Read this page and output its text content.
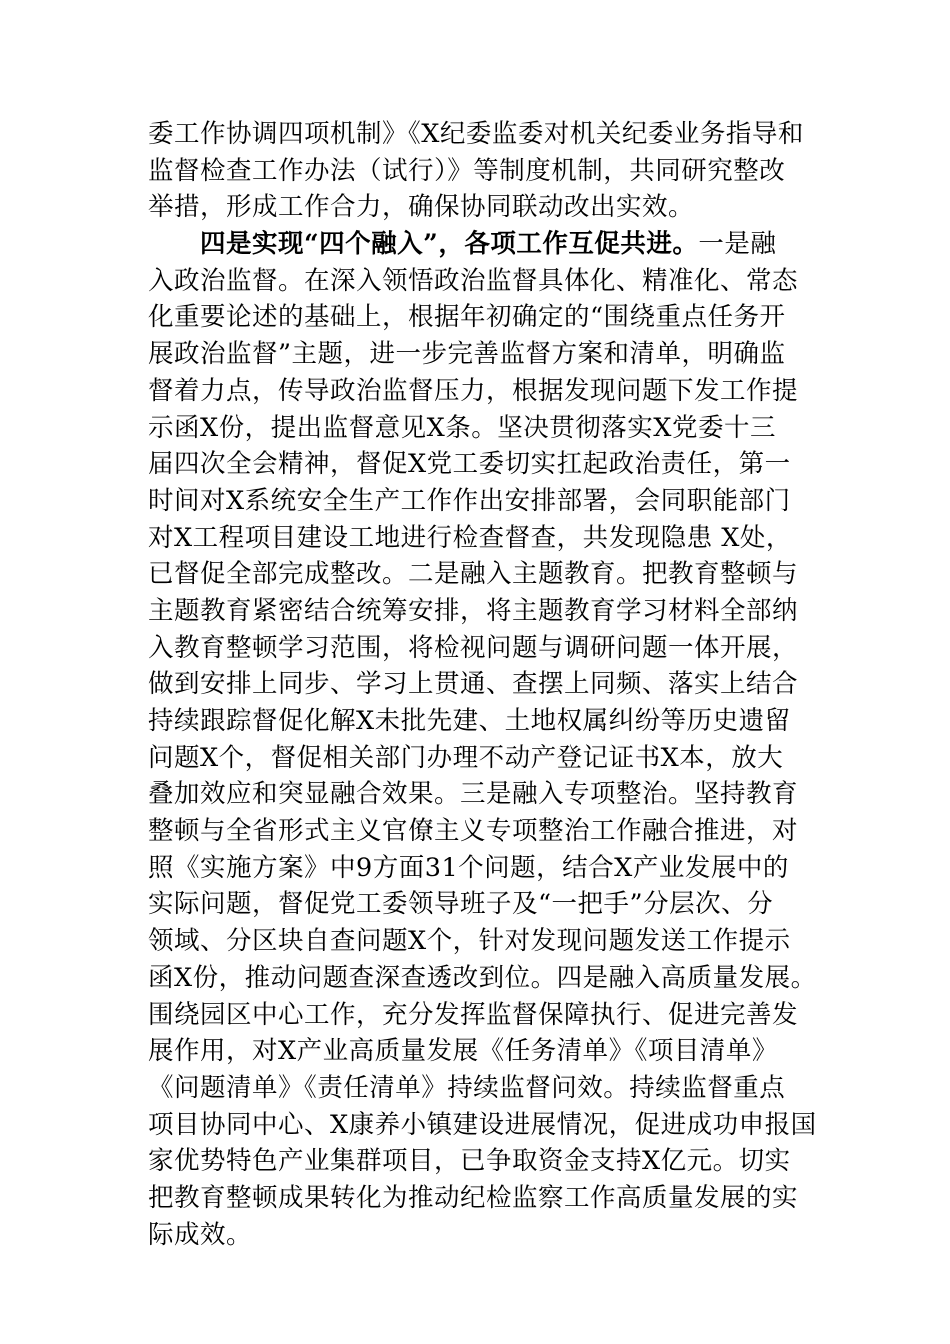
委工作协调四项机制》《X纪委监委对机关纪委业务指导和
监督检查工作办法（试行）》等制度机制，共同研究整改
举措，形成工作合力，确保协同联动改出实效。
四是实现“四个融入”，各项工作互促共进。一是融
入政治监督。在深入领悟政治监督具体化、精准化、常态
化重要论述的基础上，根据年初确定的“围绕重点任务开
展政治监督”主题，进一步完善监督方案和清单，明确监
督着力点，传导政治监督压力，根据发现问题下发工作提
示函X份，提出监督意见X条。坚决贯彻落实X党委十三
届四次全会精神，督促X党工委切实扛起政治责任，第一
时间对X系统安全生产工作作出安排部署，会同职能部门
对X工程项目建设工地进行检查督查，共发现隐患 X处，
已督促全部完成整改。二是融入主题教育。把教育整顿与
主题教育紧密结合统筹安排，将主题教育学习材料全部纳
入教育整顿学习范围，将检视问题与调研问题一体开展，
做到安排上同步、学习上贯通、查摆上同频、落实上结合
持续跟踪督促化解X未批先建、土地权属纠纷等历史遗留
问题X个，督促相关部门办理不动产登记证书X本，放大
叠加效应和突显融合效果。三是融入专项整治。坚持教育
整顿与全省形式主义官僚主义专项整治工作融合推进，对
照《实施方案》中9方面31个问题，结合X产业发展中的
实际问题，督促党工委领导班子及“一把手”分层次、分
领域、分区块自查问题X个，针对发现问题发送工作提示
函X份，推动问题查深查透改到位。四是融入高质量发展。
围绕园区中心工作，充分发挥监督保障执行、促进完善发
展作用，对X产业高质量发展《任务清单》《项目清单》
《问题清单》《责任清单》持续监督问效。持续监督重点
项目协同中心、X康养小镇建设进展情况，促进成功申报国
家优势特色产业集群项目，已争取资金支持X亿元。切实
把教育整顿成果转化为推动纪检监察工作高质量发展的实
际成效。
